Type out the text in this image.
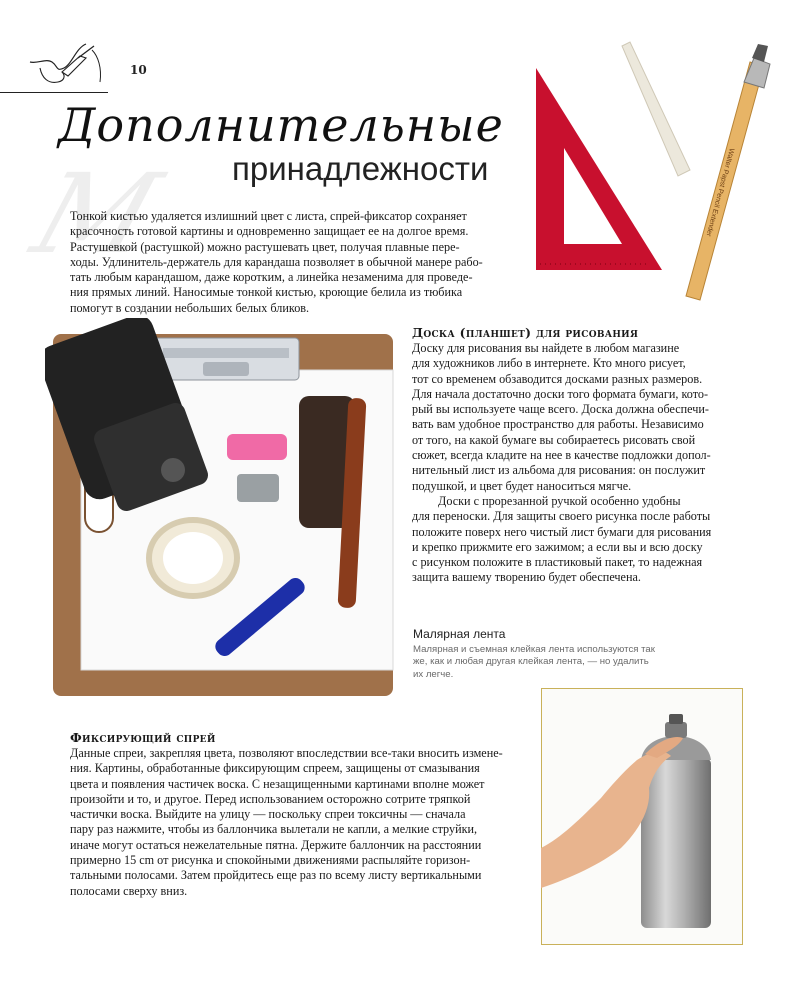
10
М
Дополнительные
принадлежности	Walter Papst Pencil Extender
Тонкой кистью удаляется излишний цвет с листа, спрей-фиксатор сохраняет
красочность готовой картины и одновременно защищает ее на долгое время.
Растушевкой (растушкой) можно растушевать цвет, получая плавные пере-
ходы. Удлинитель-держатель для карандаша позволяет в обычной манере рабо-
тать любым карандашом, даже коротким, а линейка незаменима для проведе-
ния прямых линий. Наносимые тонкой кистью, кроющие белила из тюбика
помогут в создании небольших белых бликов.
Доска (планшет) для рисования
Доску для рисования вы найдете в любом магазине
для художников либо в интернете. Кто много рисует,
тот со временем обзаводится досками разных размеров.
Для начала достаточно доски того формата бумаги, кото-
рый вы используете чаще всего. Доска должна обеспечи-
вать вам удобное пространство для работы. Независимо
от того, на какой бумаге вы собираетесь рисовать свой
сюжет, всегда кладите на нее в качестве подложки допол-
нительный лист из альбома для рисования: он послужит
подушкой, и цвет будет наноситься мягче.
Доски с прорезанной ручкой особенно удобны
для переноски. Для защиты своего рисунка после работы
положите поверх него чистый лист бумаги для рисования
и крепко прижмите его зажимом; а если вы и всю доску
с рисунком положите в пластиковый пакет, то надежная
защита вашему творению будет обеспечена.
Малярная лента
Малярная и съемная клейкая лента используются так
же, как и любая другая клейкая лента, — но удалить
их легче.
Фиксирующий спрей
Данные спреи, закрепляя цвета, позволяют впоследствии все-таки вносить измене-
ния. Картины, обработанные фиксирующим спреем, защищены от смазывания
цвета и появления частичек воска. С незащищенными картинами вполне может
произойти и то, и другое. Перед использованием осторожно сотрите тряпкой
частички воска. Выйдите на улицу — поскольку спреи токсичны — сначала
пару раз нажмите, чтобы из баллончика вылетали не капли, а мелкие струйки,
иначе могут остаться нежелательные пятна. Держите баллончик на расстоянии
примерно 15 cm от рисунка и спокойными движениями распыляйте горизон-
тальными полосами. Затем пройдитесь еще раз по всему листу вертикальными
полосами сверху вниз.
